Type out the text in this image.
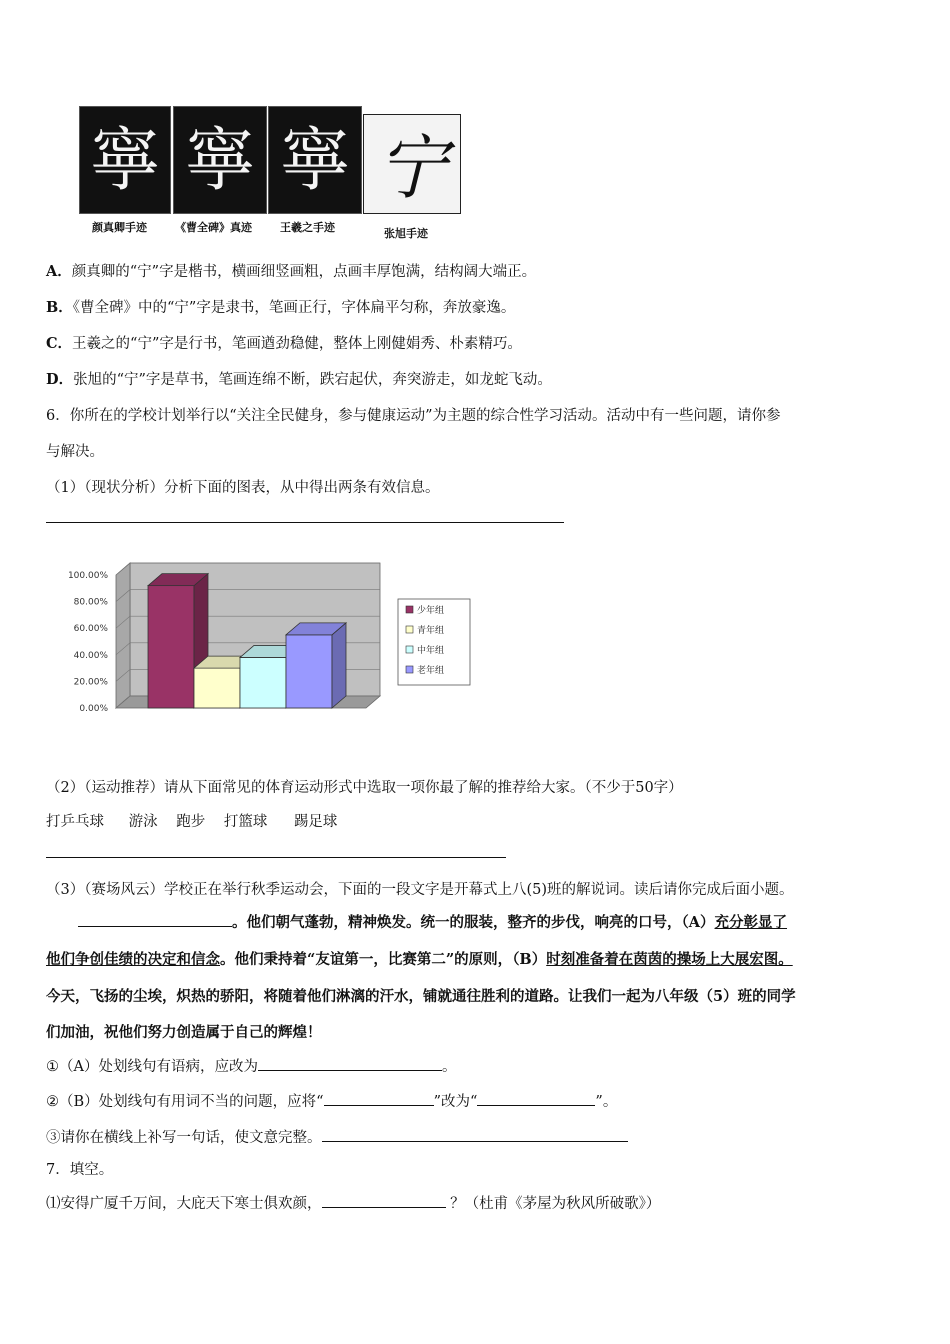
寧 寧 寧 宁
颜真卿手迹	《曹全碑》真迹	王羲之手迹	张旭手迹
A．颜真卿的“宁”字是楷书，横画细竖画粗，点画丰厚饱满，结构阔大端正。
B．《曹全碑》中的“宁”字是隶书，笔画正行，字体扁平匀称，奔放豪逸。
C．王羲之的“宁”字是行书，笔画遒劲稳健，整体上刚健娟秀、朴素精巧。
D．张旭的“宁”字是草书，笔画连绵不断，跌宕起伏，奔突游走，如龙蛇飞动。
6．你所在的学校计划举行以“关注全民健身，参与健康运动”为主题的综合性学习活动。活动中有一些问题，请你参
与解决。
（1）（现状分析）分析下面的图表，从中得出两条有效信息。
100.00%
80.00%
60.00%
40.00%
20.00%
0.00%
少年组
青年组
中年组
老年组
（2）（运动推荐）请从下面常见的体育运动形式中选取一项你最了解的推荐给大家。（不少于50字）
打乒乓球 游泳 跑步 打篮球 踢足球
（3）（赛场风云）学校正在举行秋季运动会，下面的一段文字是开幕式上八(5)班的解说词。读后请你完成后面小题。
。他们朝气蓬勃，精神焕发。统一的服装，整齐的步伐，响亮的口号，（A）充分彰显了
他们争创佳绩的决定和信念。他们秉持着“友谊第一，比赛第二”的原则，（B）时刻准备着在茵茵的操场上大展宏图。
今天，飞扬的尘埃，炽热的骄阳，将随着他们淋漓的汗水，铺就通往胜利的道路。让我们一起为八年级（5）班的同学
们加油，祝他们努力创造属于自己的辉煌！
①（A）处划线句有语病，应改为	。
②（B）处划线句有用词不当的问题，应将“	”改为“	”。
③请你在横线上补写一句话，使文意完整。
7．填空。
⑴安得广厦千万间，大庇天下寒士俱欢颜，	？（杜甫《茅屋为秋风所破歌》）
